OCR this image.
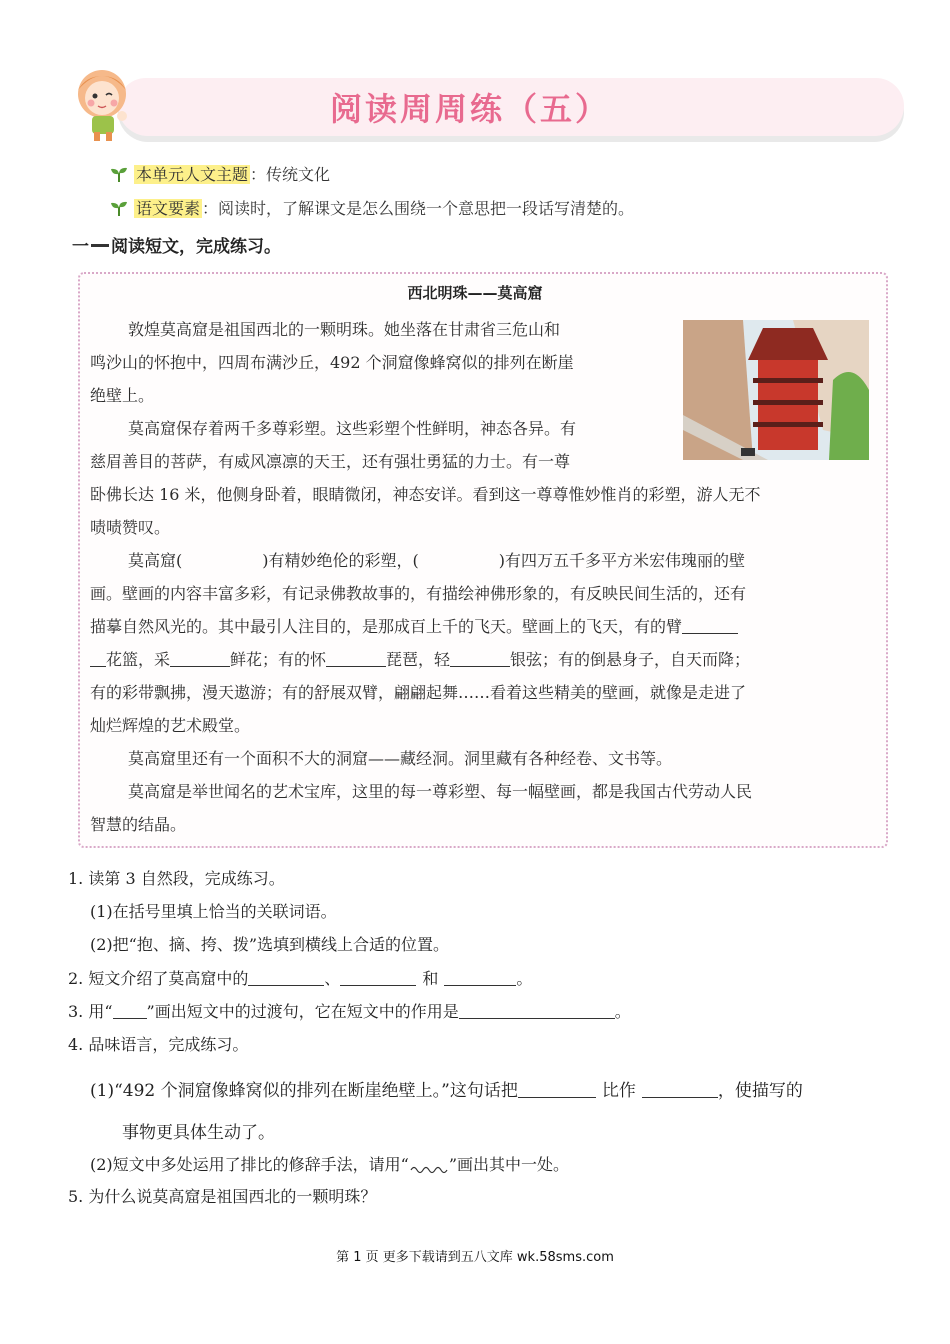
阅读周周练（五）
本单元人文主题 ：传统文化
语文要素 ：阅读时，了解课文是怎么围绕一个意思把一段话写清楚的。
一 阅读短文，完成练习。
西北明珠——莫高窟
敦煌莫高窟是祖国西北的一颗明珠。她坐落在甘肃省三危山和
鸣沙山的怀抱中，四周布满沙丘，492 个洞窟像蜂窝似的排列在断崖
绝壁上。
莫高窟保存着两千多尊彩塑。这些彩塑个性鲜明，神态各异。有
慈眉善目的菩萨，有威风凛凛的天王，还有强壮勇猛的力士。有一尊
卧佛长达 16 米，他侧身卧着，眼睛微闭，神态安详。看到这一尊尊惟妙惟肖的彩塑，游人无不
啧啧赞叹。
莫高窟(	)有精妙绝伦的彩塑，(	)有四万五千多平方米宏伟瑰丽的壁
画。壁画的内容丰富多彩，有记录佛教故事的，有描绘神佛形象的，有反映民间生活的，还有
描摹自然风光的。其中最引人注目的，是那成百上千的飞天。壁画上的飞天，有的臂
花篮，采	鲜花；有的怀	琵琶，轻	银弦；有的倒悬身子，自天而降；
有的彩带飘拂，漫天遨游；有的舒展双臂，翩翩起舞……看着这些精美的壁画，就像是走进了
灿烂辉煌的艺术殿堂。
莫高窟里还有一个面积不大的洞窟——藏经洞。洞里藏有各种经卷、文书等。
莫高窟是举世闻名的艺术宝库，这里的每一尊彩塑、每一幅壁画，都是我国古代劳动人民
智慧的结晶。
1. 读第 3 自然段，完成练习。
(1)在括号里填上恰当的关联词语。
(2)把“抱、摘、挎、拨”选填到横线上合适的位置。
2. 短文介绍了莫高窟中的	、	和	。
3. 用“ ”画出短文中的过渡句，它在短文中的作用是	。
4. 品味语言，完成练习。
(1)“492 个洞窟像蜂窝似的排列在断崖绝壁上。”这句话把	比作	，使描写的
事物更具体生动了。
(2)短文中多处运用了排比的修辞手法，请用“	”画出其中一处。
5. 为什么说莫高窟是祖国西北的一颗明珠？
第 1 页 更多下载请到五八文库 wk.58sms.com
